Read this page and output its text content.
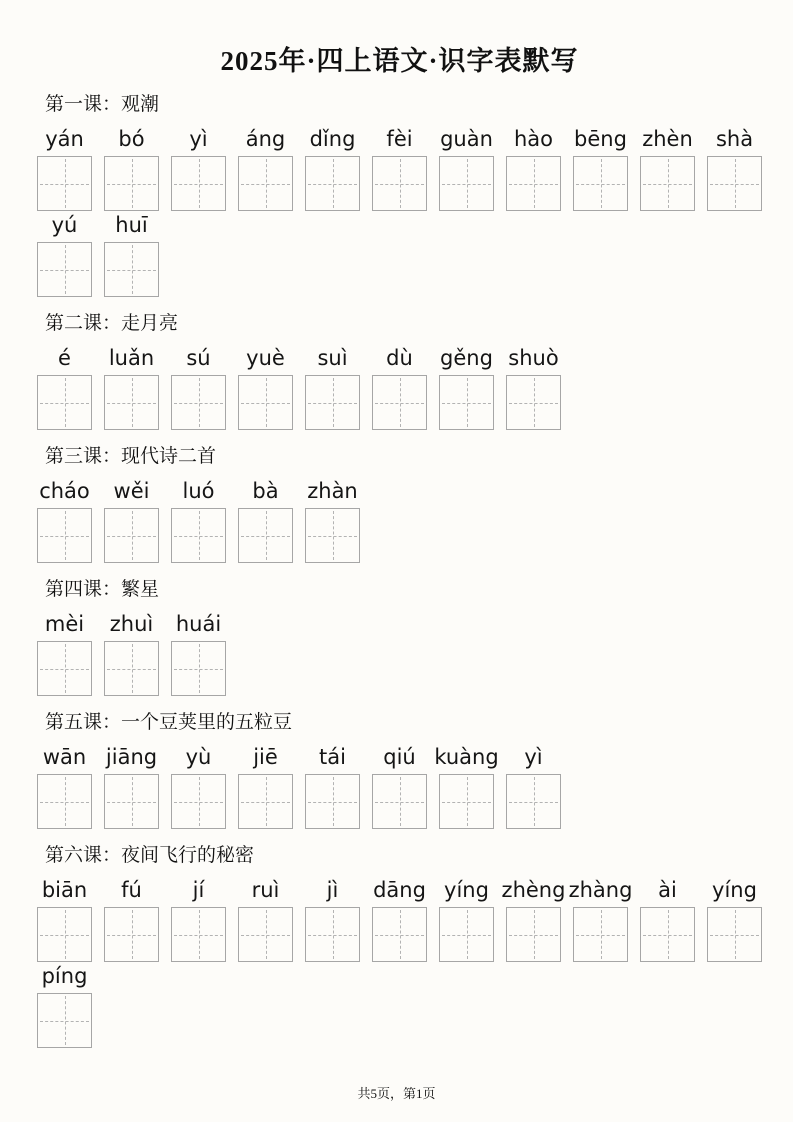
2025年·四上语文·识字表默写
第一课：观潮
yán bó yì áng dǐng fèi guàn hào bēng zhèn shà
yú huī
第二课：走月亮
é luǎn sú yuè suì dù gěng shuò
第三课：现代诗二首
cháo wěi luó bà zhàn
第四课：繁星
mèi zhuì huái
第五课：一个豆荚里的五粒豆
wān jiāng yù jiē tái qiú kuàng yì
第六课：夜间飞行的秘密
biān fú jí ruì jì dāng yíng zhèng zhàng ài yíng
píng
共5页，第1页
